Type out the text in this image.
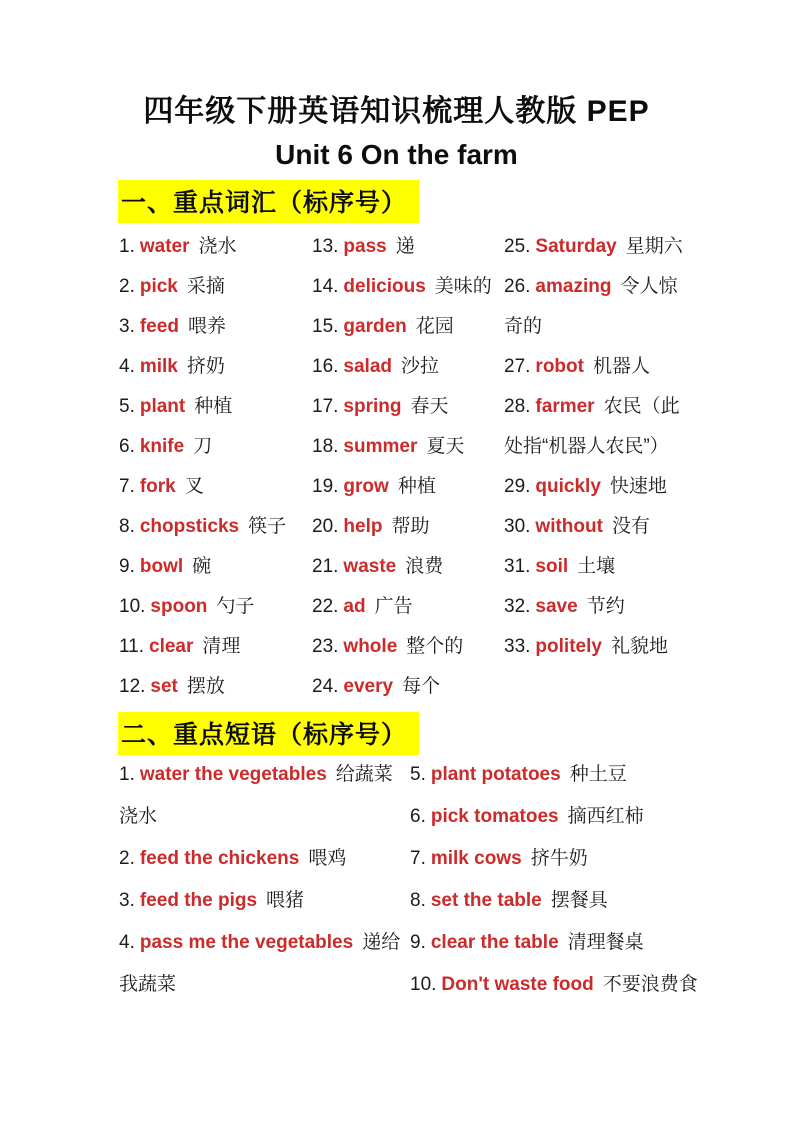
四年级下册英语知识梳理人教版 PEP
Unit 6 On the farm
一、重点词汇（标序号）

1. water 浇水

2. pick 采摘

3. feed 喂养

4. milk 挤奶

5. plant 种植

6. knife 刀

7. fork 叉

8. chopsticks 筷子

9. bowl 碗

10. spoon 勺子

11. clear 清理

12. set 摆放

13. pass 递

14. delicious 美味的

15. garden 花园

16. salad 沙拉

17. spring 春天

18. summer 夏天

19. grow 种植

20. help 帮助

21. waste 浪费

22. ad 广告

23. whole 整个的

24. every 每个

25. Saturday 星期六

26. amazing 令人惊奇的

27. robot 机器人

28. farmer 农民（此处指“机器人农民”）

29. quickly 快速地

30. without 没有

31. soil 土壤

32. save 节约

33. politely 礼貌地

二、重点短语（标序号）

1. water the vegetables 给蔬菜浇水

2. feed the chickens 喂鸡

3. feed the pigs 喂猪

4. pass me the vegetables 递给我蔬菜

5. plant potatoes 种土豆

6. pick tomatoes 摘西红柿

7. milk cows 挤牛奶

8. set the table 摆餐具

9. clear the table 清理餐桌

10. Don't waste food 不要浪费食
